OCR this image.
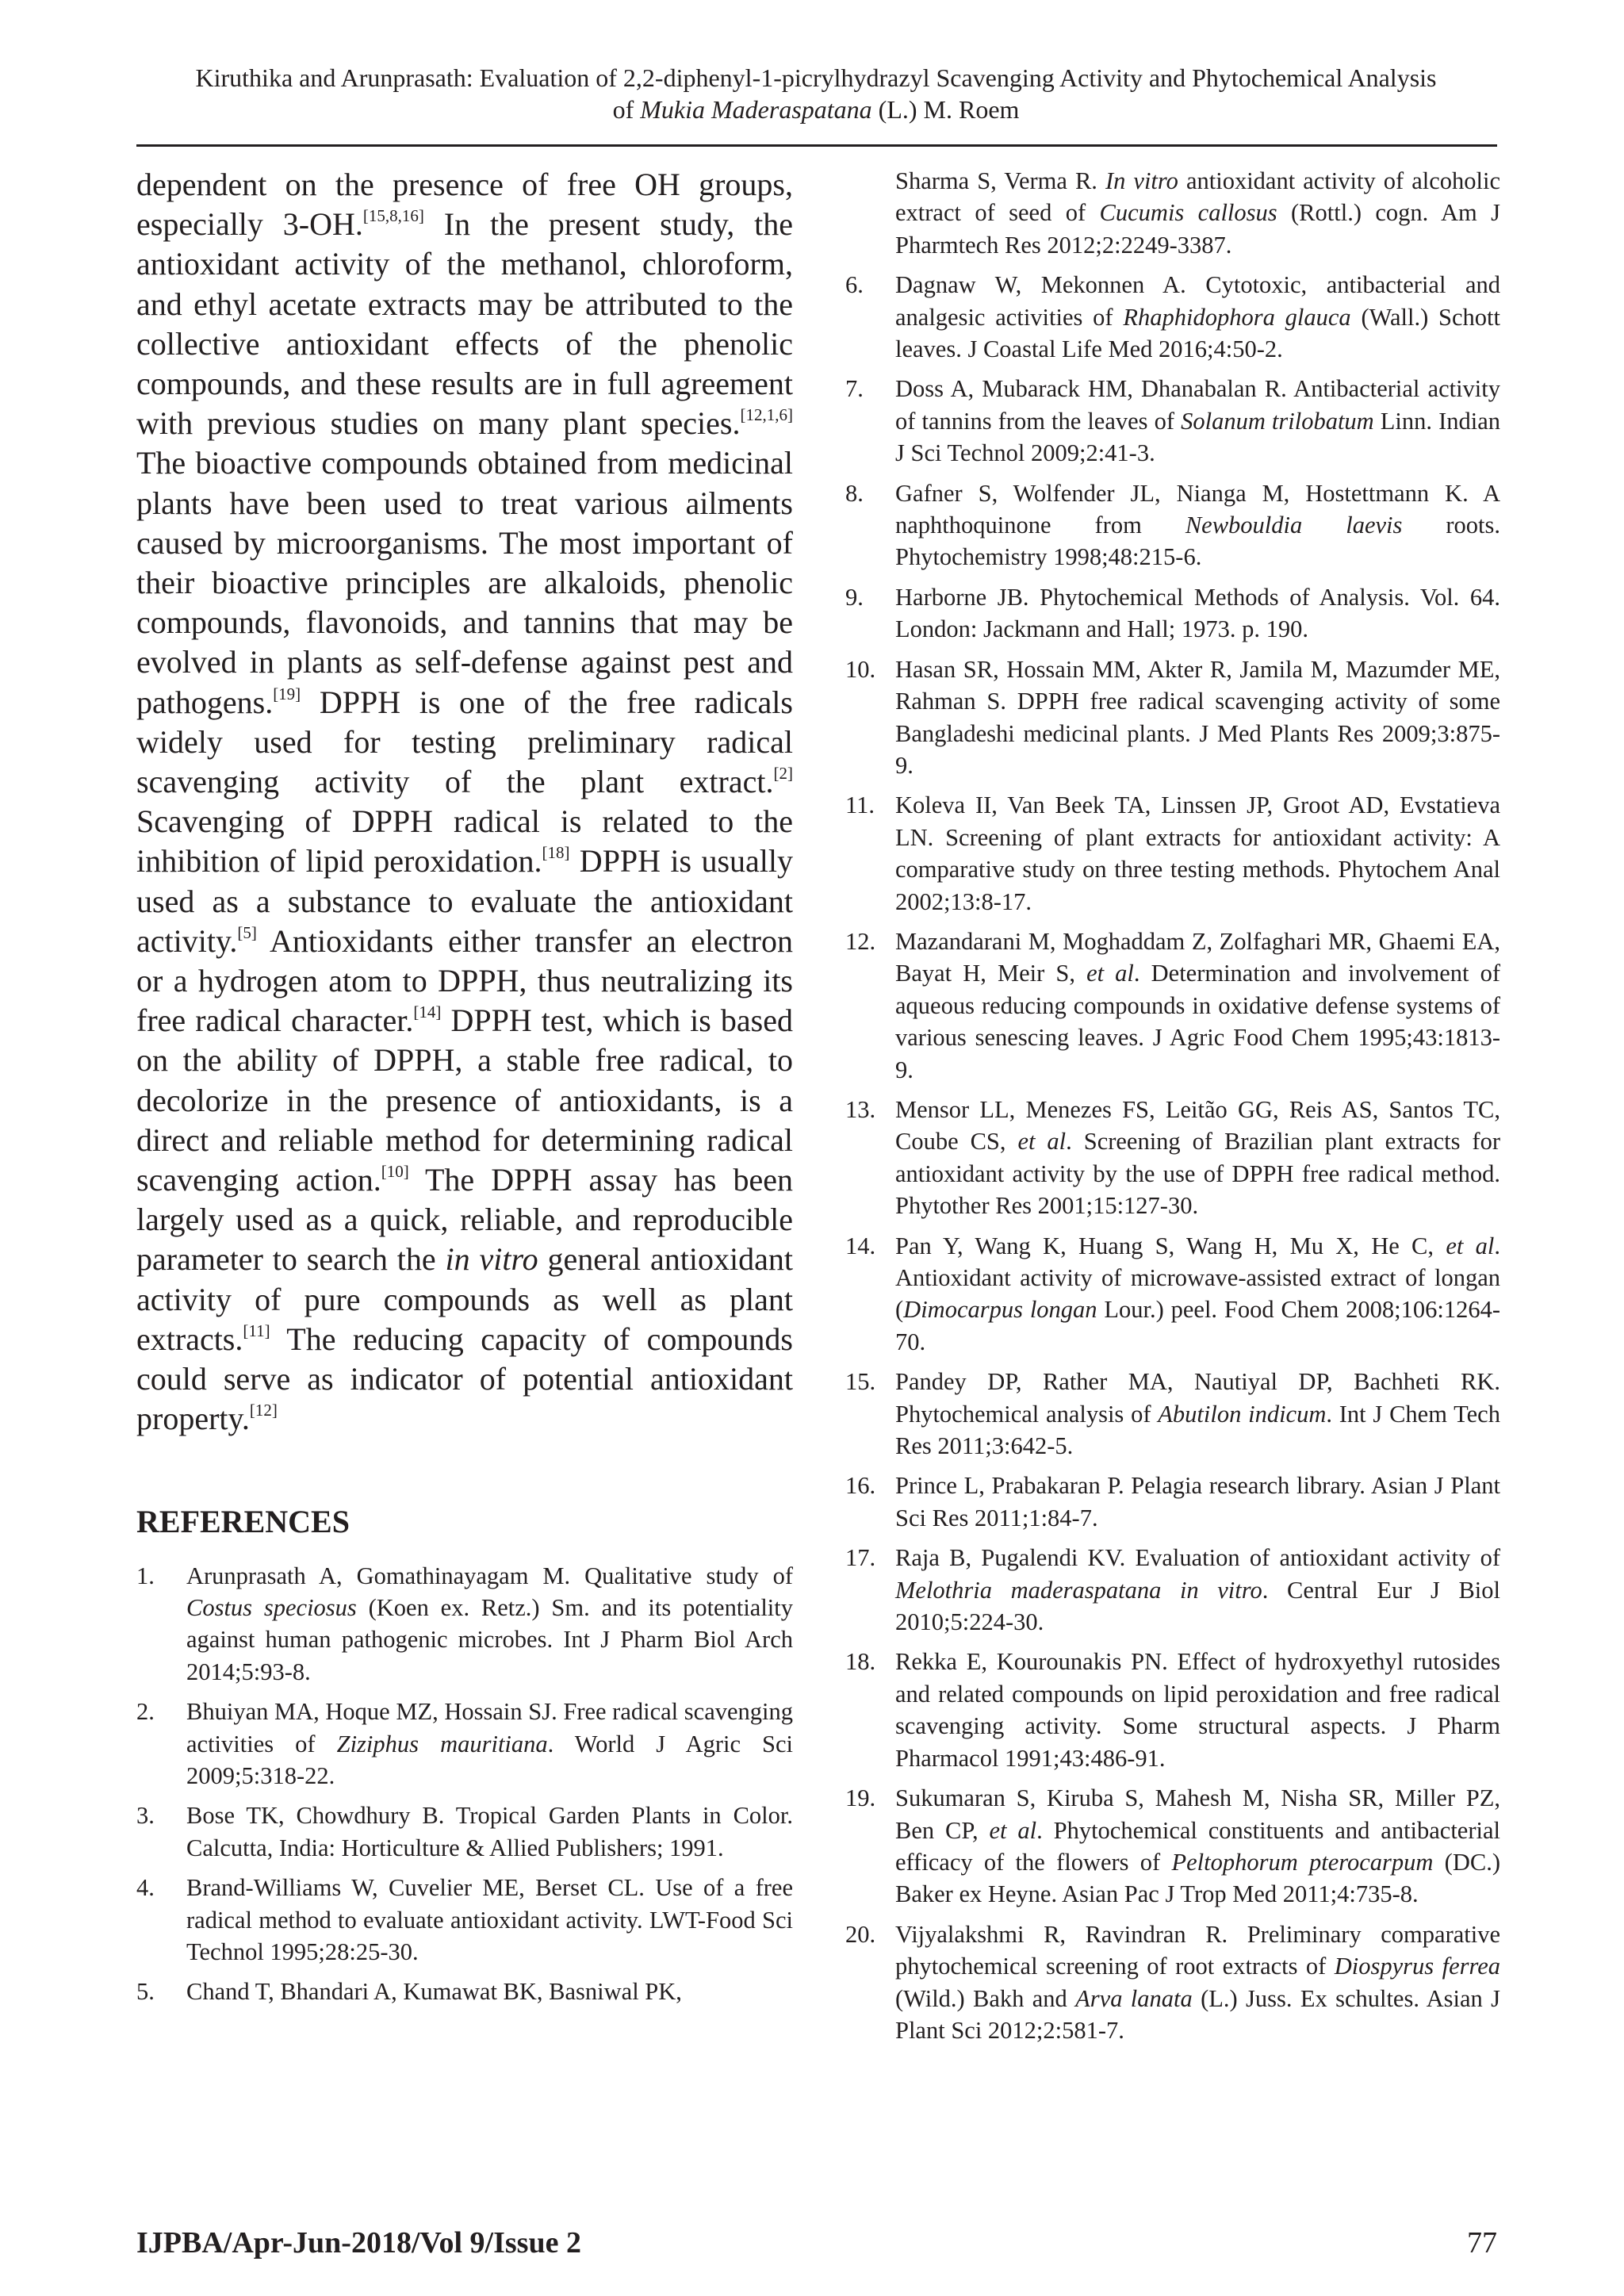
Kiruthika and Arunprasath: Evaluation of 2,2-diphenyl-1-picrylhydrazyl Scavenging Activity and Phytochemical Analysis
of Mukia Maderaspatana (L.) M. Roem

dependent on the presence of free OH groups, especially 3-OH.[15,8,16] In the present study, the antioxidant activity of the methanol, chloroform, and ethyl acetate extracts may be attributed to the collective antioxidant effects of the phenolic compounds, and these results are in full agreement with previous studies on many plant species.[12,1,6] The bioactive compounds obtained from medicinal plants have been used to treat various ailments caused by microorganisms. The most important of their bioactive principles are alkaloids, phenolic compounds, flavonoids, and tannins that may be evolved in plants as self-defense against pest and pathogens.[19] DPPH is one of the free radicals widely used for testing preliminary radical scavenging activity of the plant extract.[2] Scavenging of DPPH radical is related to the inhibition of lipid peroxidation.[18] DPPH is usually used as a substance to evaluate the antioxidant activity.[5] Antioxidants either transfer an electron or a hydrogen atom to DPPH, thus neutralizing its free radical character.[14] DPPH test, which is based on the ability of DPPH, a stable free radical, to decolorize in the presence of antioxidants, is a direct and reliable method for determining radical scavenging action.[10] The DPPH assay has been largely used as a quick, reliable, and reproducible parameter to search the in vitro general antioxidant activity of pure compounds as well as plant extracts.[11] The reducing capacity of compounds could serve as indicator of potential antioxidant property.[12]

REFERENCES
1.	Arunprasath A, Gomathinayagam M. Qualitative study of Costus speciosus (Koen ex. Retz.) Sm. and its potentiality against human pathogenic microbes. Int J Pharm Biol Arch 2014;5:93-8.
2.	Bhuiyan MA, Hoque MZ, Hossain SJ. Free radical scavenging activities of Ziziphus mauritiana. World J Agric Sci 2009;5:318-22.
3.	Bose TK, Chowdhury B. Tropical Garden Plants in Color. Calcutta, India: Horticulture & Allied Publishers; 1991.
4.	Brand-Williams W, Cuvelier ME, Berset CL. Use of a free radical method to evaluate antioxidant activity. LWT-Food Sci Technol 1995;28:25-30.
5.	Chand T, Bhandari A, Kumawat BK, Basniwal PK,
Sharma S, Verma R. In vitro antioxidant activity of alcoholic extract of seed of Cucumis callosus (Rottl.) cogn. Am J Pharmtech Res 2012;2:2249-3387.
6.	Dagnaw W, Mekonnen A. Cytotoxic, antibacterial and analgesic activities of Rhaphidophora glauca (Wall.) Schott leaves. J Coastal Life Med 2016;4:50-2.
7.	Doss A, Mubarack HM, Dhanabalan R. Antibacterial activity of tannins from the leaves of Solanum trilobatum Linn. Indian J Sci Technol 2009;2:41-3.
8.	Gafner S, Wolfender JL, Nianga M, Hostettmann K. A naphthoquinone from Newbouldia laevis roots. Phytochemistry 1998;48:215-6.
9.	Harborne JB. Phytochemical Methods of Analysis. Vol. 64. London: Jackmann and Hall; 1973. p. 190.
10. Hasan SR, Hossain MM, Akter R, Jamila M, Mazumder ME, Rahman S. DPPH free radical scavenging activity of some Bangladeshi medicinal plants. J Med Plants Res 2009;3:875-9.
11. Koleva II, Van Beek TA, Linssen JP, Groot AD, Evstatieva LN. Screening of plant extracts for antioxidant activity: A comparative study on three testing methods. Phytochem Anal 2002;13:8-17.
12. Mazandarani M, Moghaddam Z, Zolfaghari MR, Ghaemi EA, Bayat H, Meir S, et al. Determination and involvement of aqueous reducing compounds in oxidative defense systems of various senescing leaves. J Agric Food Chem 1995;43:1813-9.
13. Mensor LL, Menezes FS, Leitão GG, Reis AS, Santos TC, Coube CS, et al. Screening of Brazilian plant extracts for antioxidant activity by the use of DPPH free radical method. Phytother Res 2001;15:127-30.
14. Pan Y, Wang K, Huang S, Wang H, Mu X, He C, et al. Antioxidant activity of microwave-assisted extract of longan (Dimocarpus longan Lour.) peel. Food Chem 2008;106:1264-70.
15. Pandey DP, Rather MA, Nautiyal DP, Bachheti RK. Phytochemical analysis of Abutilon indicum. Int J Chem Tech Res 2011;3:642-5.
16. Prince L, Prabakaran P. Pelagia research library. Asian J Plant Sci Res 2011;1:84-7.
17. Raja B, Pugalendi KV. Evaluation of antioxidant activity of Melothria maderaspatana in vitro. Central Eur J Biol 2010;5:224-30.
18. Rekka E, Kourounakis PN. Effect of hydroxyethyl rutosides and related compounds on lipid peroxidation and free radical scavenging activity. Some structural aspects. J Pharm Pharmacol 1991;43:486-91.
19. Sukumaran S, Kiruba S, Mahesh M, Nisha SR, Miller PZ, Ben CP, et al. Phytochemical constituents and antibacterial efficacy of the flowers of Peltophorum pterocarpum (DC.) Baker ex Heyne. Asian Pac J Trop Med 2011;4:735-8.
20. Vijyalakshmi R, Ravindran R. Preliminary comparative phytochemical screening of root extracts of Diospyrus ferrea (Wild.) Bakh and Arva lanata (L.) Juss. Ex schultes. Asian J Plant Sci 2012;2:581-7.
IJPBA/Apr-Jun-2018/Vol 9/Issue 2	77
